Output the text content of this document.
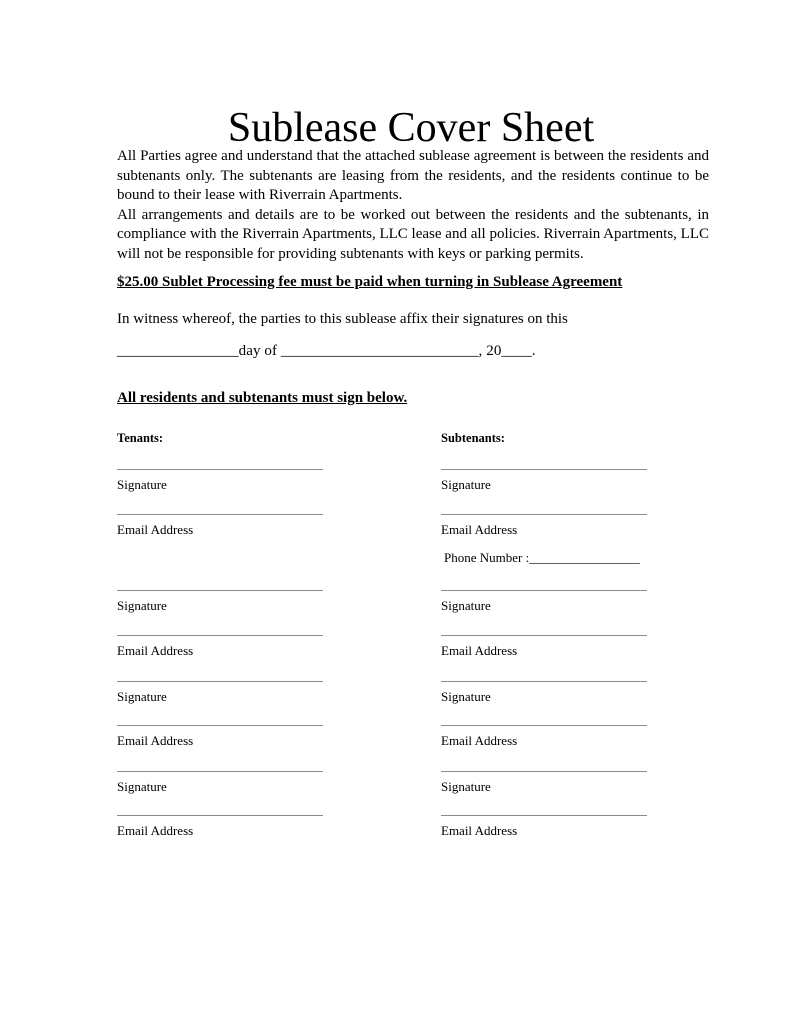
Sublease Cover Sheet
All Parties agree and understand that the attached sublease agreement is between the residents and subtenants only. The subtenants are leasing from the residents, and the residents continue to be bound to their lease with Riverrain Apartments.
All arrangements and details are to be worked out between the residents and the subtenants, in compliance with the Riverrain Apartments, LLC lease and all policies. Riverrain Apartments, LLC will not be responsible for providing subtenants with keys or parking permits.
$25.00 Sublet Processing fee must be paid when turning in Sublease Agreement
In witness whereof, the parties to this sublease affix their signatures on this
________________day of __________________________, 20____.
All residents and subtenants must sign below.
Tenants:	Subtenants:
Phone Number :_________________
Signature
Email Address
Signature
Email Address
Signature
Email Address
Signature
Email Address
Signature
Email Address
Signature
Email Address
Signature
Email Address
Signature
Email Address
